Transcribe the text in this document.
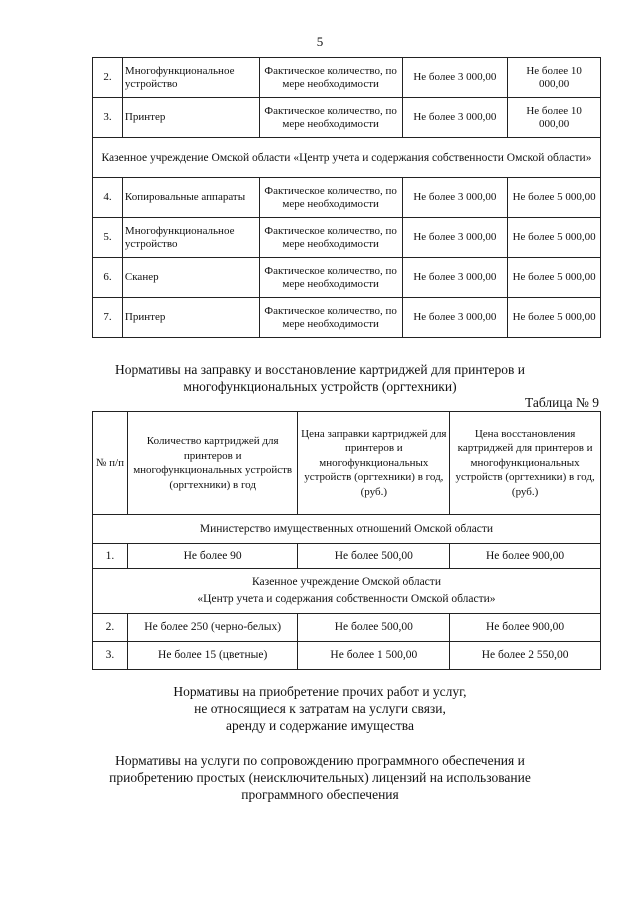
5
2.	Многофункциональное устройство	Фактическое количество, по мере необходимости	Не более 3 000,00	Не более 10 000,00
3.	Принтер	Фактическое количество, по мере необходимости	Не более 3 000,00	Не более 10 000,00
Казенное учреждение Омской области «Центр учета и содержания собственности Омской области»				
4.	Копировальные аппараты	Фактическое количество, по мере необходимости	Не более 3 000,00	Не более 5 000,00
5.	Многофункциональное устройство	Фактическое количество, по мере необходимости	Не более 3 000,00	Не более 5 000,00
6.	Сканер	Фактическое количество, по мере необходимости	Не более 3 000,00	Не более 5 000,00
7.	Принтер	Фактическое количество, по мере необходимости	Не более 3 000,00	Не более 5 000,00
Нормативы на заправку и восстановление картриджей для принтеров и многофункциональных устройств (оргтехники)
Таблица № 9
№ п/п	Количество картриджей для принтеров и многофункциональных устройств (оргтехники) в год	Цена заправки картриджей для принтеров и многофункциональных устройств (оргтехники) в год, (руб.)	Цена восстановления картриджей для принтеров и многофункциональных устройств (оргтехники) в год, (руб.)
Министерство имущественных отношений Омской области			
1.	Не более 90	Не более 500,00	Не более 900,00

Казенное учреждение Омской области
«Центр учета и содержания собственности Омской области»			

2.	Не более 250 (черно-белых)	Не более 500,00	Не более 900,00
3.	Не более 15 (цветные)	Не более 1 500,00	Не более 2 550,00
Нормативы на приобретение прочих работ и услуг,
не относящиеся к затратам на услуги связи,
аренду и содержание имущества
Нормативы на услуги по сопровождению программного обеспечения и
приобретению простых (неисключительных) лицензий на использование
программного обеспечения
